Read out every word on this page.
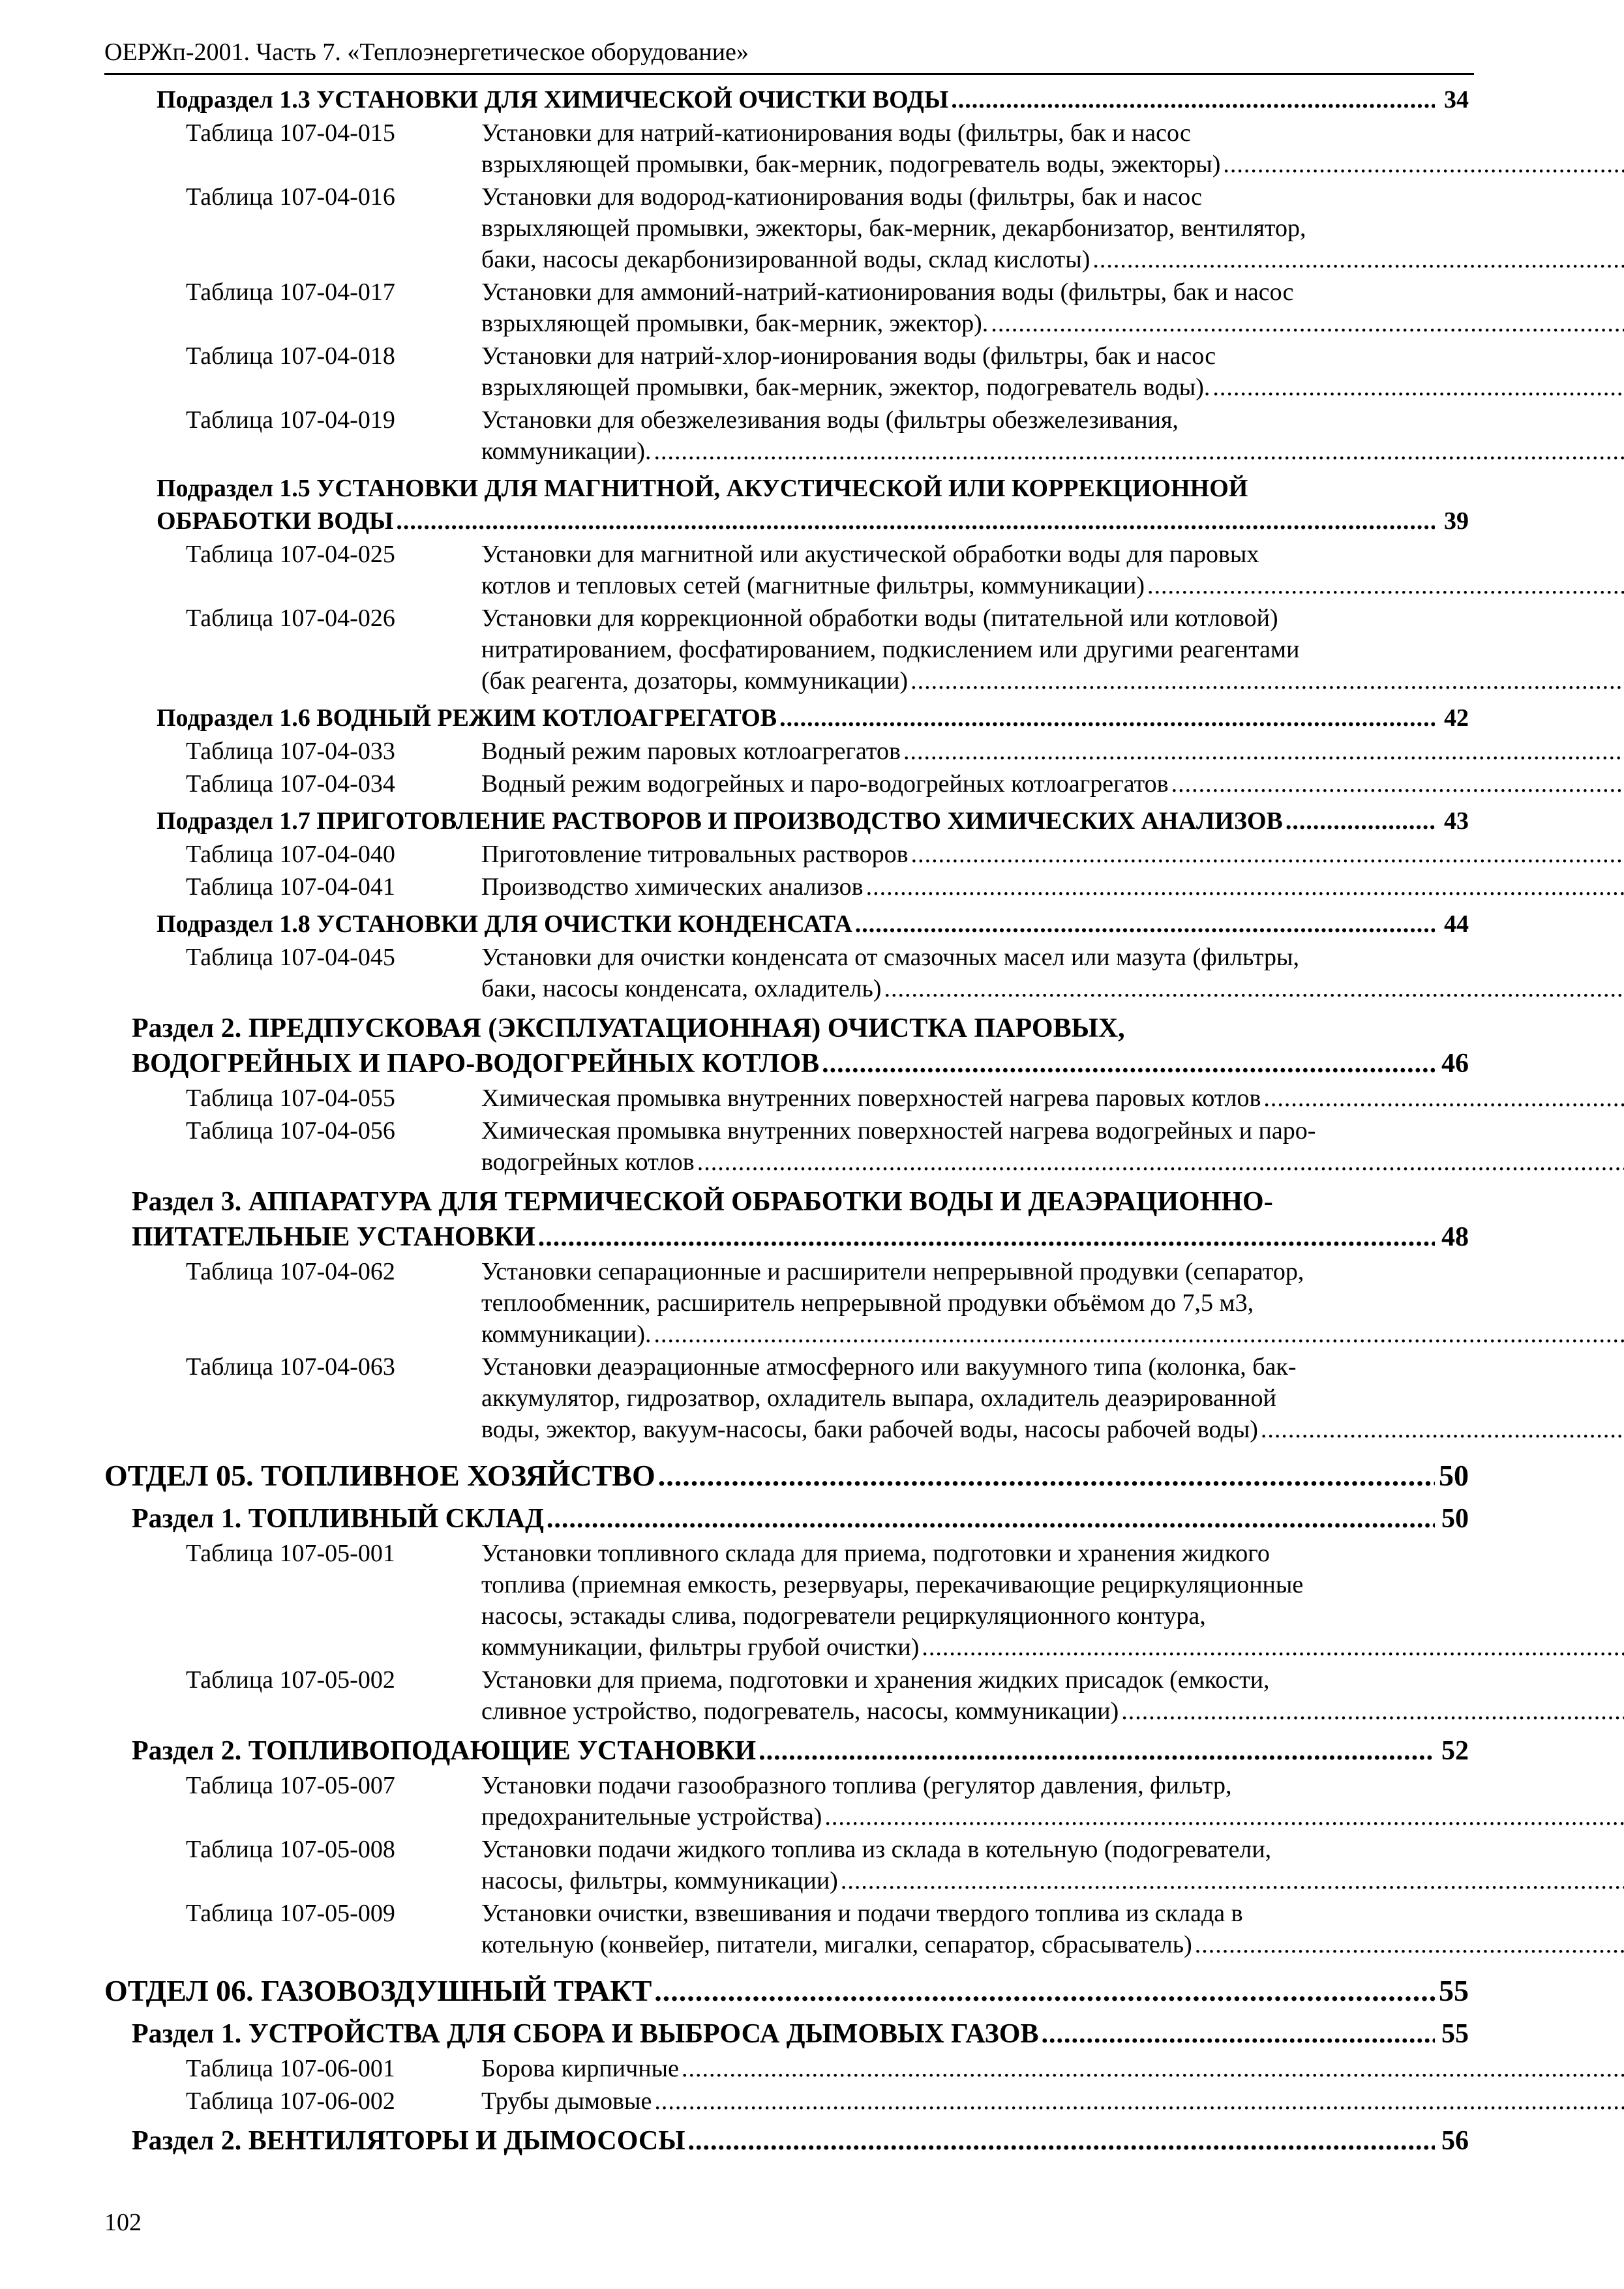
ОЕРЖп-2001. Часть 7. «Теплоэнергетическое оборудование»
Подраздел 1.3 УСТАНОВКИ ДЛЯ ХИМИЧЕСКОЙ ОЧИСТКИ ВОДЫ .....	34
Таблица 107-04-015	Установки для натрий-катионирования воды (фильтры, бак и насос
взрыхляющей промывки, бак-мерник, подогреватель воды, эжекторы)
.....
Таблица 107-04-016	Установки для водород-катионирования воды (фильтры, бак и насос
взрыхляющей промывки, эжекторы, бак-мерник, декарбонизатор, вентилятор,
баки, насосы декарбонизированной воды, склад кислоты)
.....
Таблица 107-04-017	Установки для аммоний-натрий-катионирования воды (фильтры, бак и насос
взрыхляющей промывки, бак-мерник, эжектор).
.....
Таблица 107-04-018	Установки для натрий-хлор-ионирования воды (фильтры, бак и насос
взрыхляющей промывки, бак-мерник, эжектор, подогреватель воды).
.....
Таблица 107-04-019	Установки для обезжелезивания воды (фильтры обезжелезивания,
коммуникации).
.....
Подраздел 1.5 УСТАНОВКИ ДЛЯ МАГНИТНОЙ, АКУСТИЧЕСКОЙ ИЛИ КОРРЕКЦИОННОЙ
ОБРАБОТКИ ВОДЫ .....	39
Таблица 107-04-025	Установки для магнитной или акустической обработки воды для паровых
котлов и тепловых сетей (магнитные фильтры, коммуникации)
.....
Таблица 107-04-026	Установки для коррекционной обработки воды (питательной или котловой)
нитратированием, фосфатированием, подкислением или другими реагентами
(бак реагента, дозаторы, коммуникации)
.....
Подраздел 1.6 ВОДНЫЙ РЕЖИМ КОТЛОАГРЕГАТОВ .....	42
Таблица 107-04-033	Водный режим паровых котлоагрегатов
.....
Таблица 107-04-034	Водный режим водогрейных и паро-водогрейных котлоагрегатов
.....
Подраздел 1.7 ПРИГОТОВЛЕНИЕ РАСТВОРОВ И ПРОИЗВОДСТВО ХИМИЧЕСКИХ АНАЛИЗОВ .....	43
Таблица 107-04-040	Приготовление титровальных растворов
.....
Таблица 107-04-041	Производство химических анализов
.....
Подраздел 1.8 УСТАНОВКИ ДЛЯ ОЧИСТКИ КОНДЕНСАТА .....	44
Таблица 107-04-045	Установки для очистки конденсата от смазочных масел или мазута (фильтры,
баки, насосы конденсата, охладитель)
.....
Раздел 2. ПРЕДПУСКОВАЯ (ЭКСПЛУАТАЦИОННАЯ) ОЧИСТКА ПАРОВЫХ,
ВОДОГРЕЙНЫХ И ПАРО-ВОДОГРЕЙНЫХ КОТЛОВ .....	46
Таблица 107-04-055	Химическая промывка внутренних поверхностей нагрева паровых котлов
.....
Таблица 107-04-056	Химическая промывка внутренних поверхностей нагрева водогрейных и паро-
водогрейных котлов
.....
Раздел 3. АППАРАТУРА ДЛЯ ТЕРМИЧЕСКОЙ ОБРАБОТКИ ВОДЫ И ДЕАЭРАЦИОННО-
ПИТАТЕЛЬНЫЕ УСТАНОВКИ .....	48
Таблица 107-04-062	Установки сепарационные и расширители непрерывной продувки (сепаратор,
теплообменник, расширитель непрерывной продувки объёмом до 7,5 м3,
коммуникации).
.....
Таблица 107-04-063	Установки деаэрационные атмосферного или вакуумного типа (колонка, бак-
аккумулятор, гидрозатвор, охладитель выпара, охладитель деаэрированной
воды, эжектор, вакуум-насосы, баки рабочей воды, насосы рабочей воды)
.....
ОТДЕЛ 05. ТОПЛИВНОЕ ХОЗЯЙСТВО .....	50
Раздел 1. ТОПЛИВНЫЙ СКЛАД .....	50
Таблица 107-05-001	Установки топливного склада для приема, подготовки и хранения жидкого
топлива (приемная емкость, резервуары, перекачивающие рециркуляционные
насосы, эстакады слива, подогреватели рециркуляционного контура,
коммуникации, фильтры грубой очистки)
.....
Таблица 107-05-002	Установки для приема, подготовки и хранения жидких присадок (емкости,
сливное устройство, подогреватель, насосы, коммуникации)
.....
Раздел 2. ТОПЛИВОПОДАЮЩИЕ УСТАНОВКИ .....	52
Таблица 107-05-007	Установки подачи газообразного топлива (регулятор давления, фильтр,
предохранительные устройства)
.....
Таблица 107-05-008	Установки подачи жидкого топлива из склада в котельную (подогреватели,
насосы, фильтры, коммуникации)
.....
Таблица 107-05-009	Установки очистки, взвешивания и подачи твердого топлива из склада в
котельную (конвейер, питатели, мигалки, сепаратор, сбрасыватель)
.....
ОТДЕЛ 06. ГАЗОВОЗДУШНЫЙ ТРАКТ .....	55
Раздел 1. УСТРОЙСТВА ДЛЯ СБОРА И ВЫБРОСА ДЫМОВЫХ ГАЗОВ .....	55
Таблица 107-06-001	Борова кирпичные
.....
Таблица 107-06-002	Трубы дымовые
.....
Раздел 2. ВЕНТИЛЯТОРЫ И ДЫМОСОСЫ .....	56
102
